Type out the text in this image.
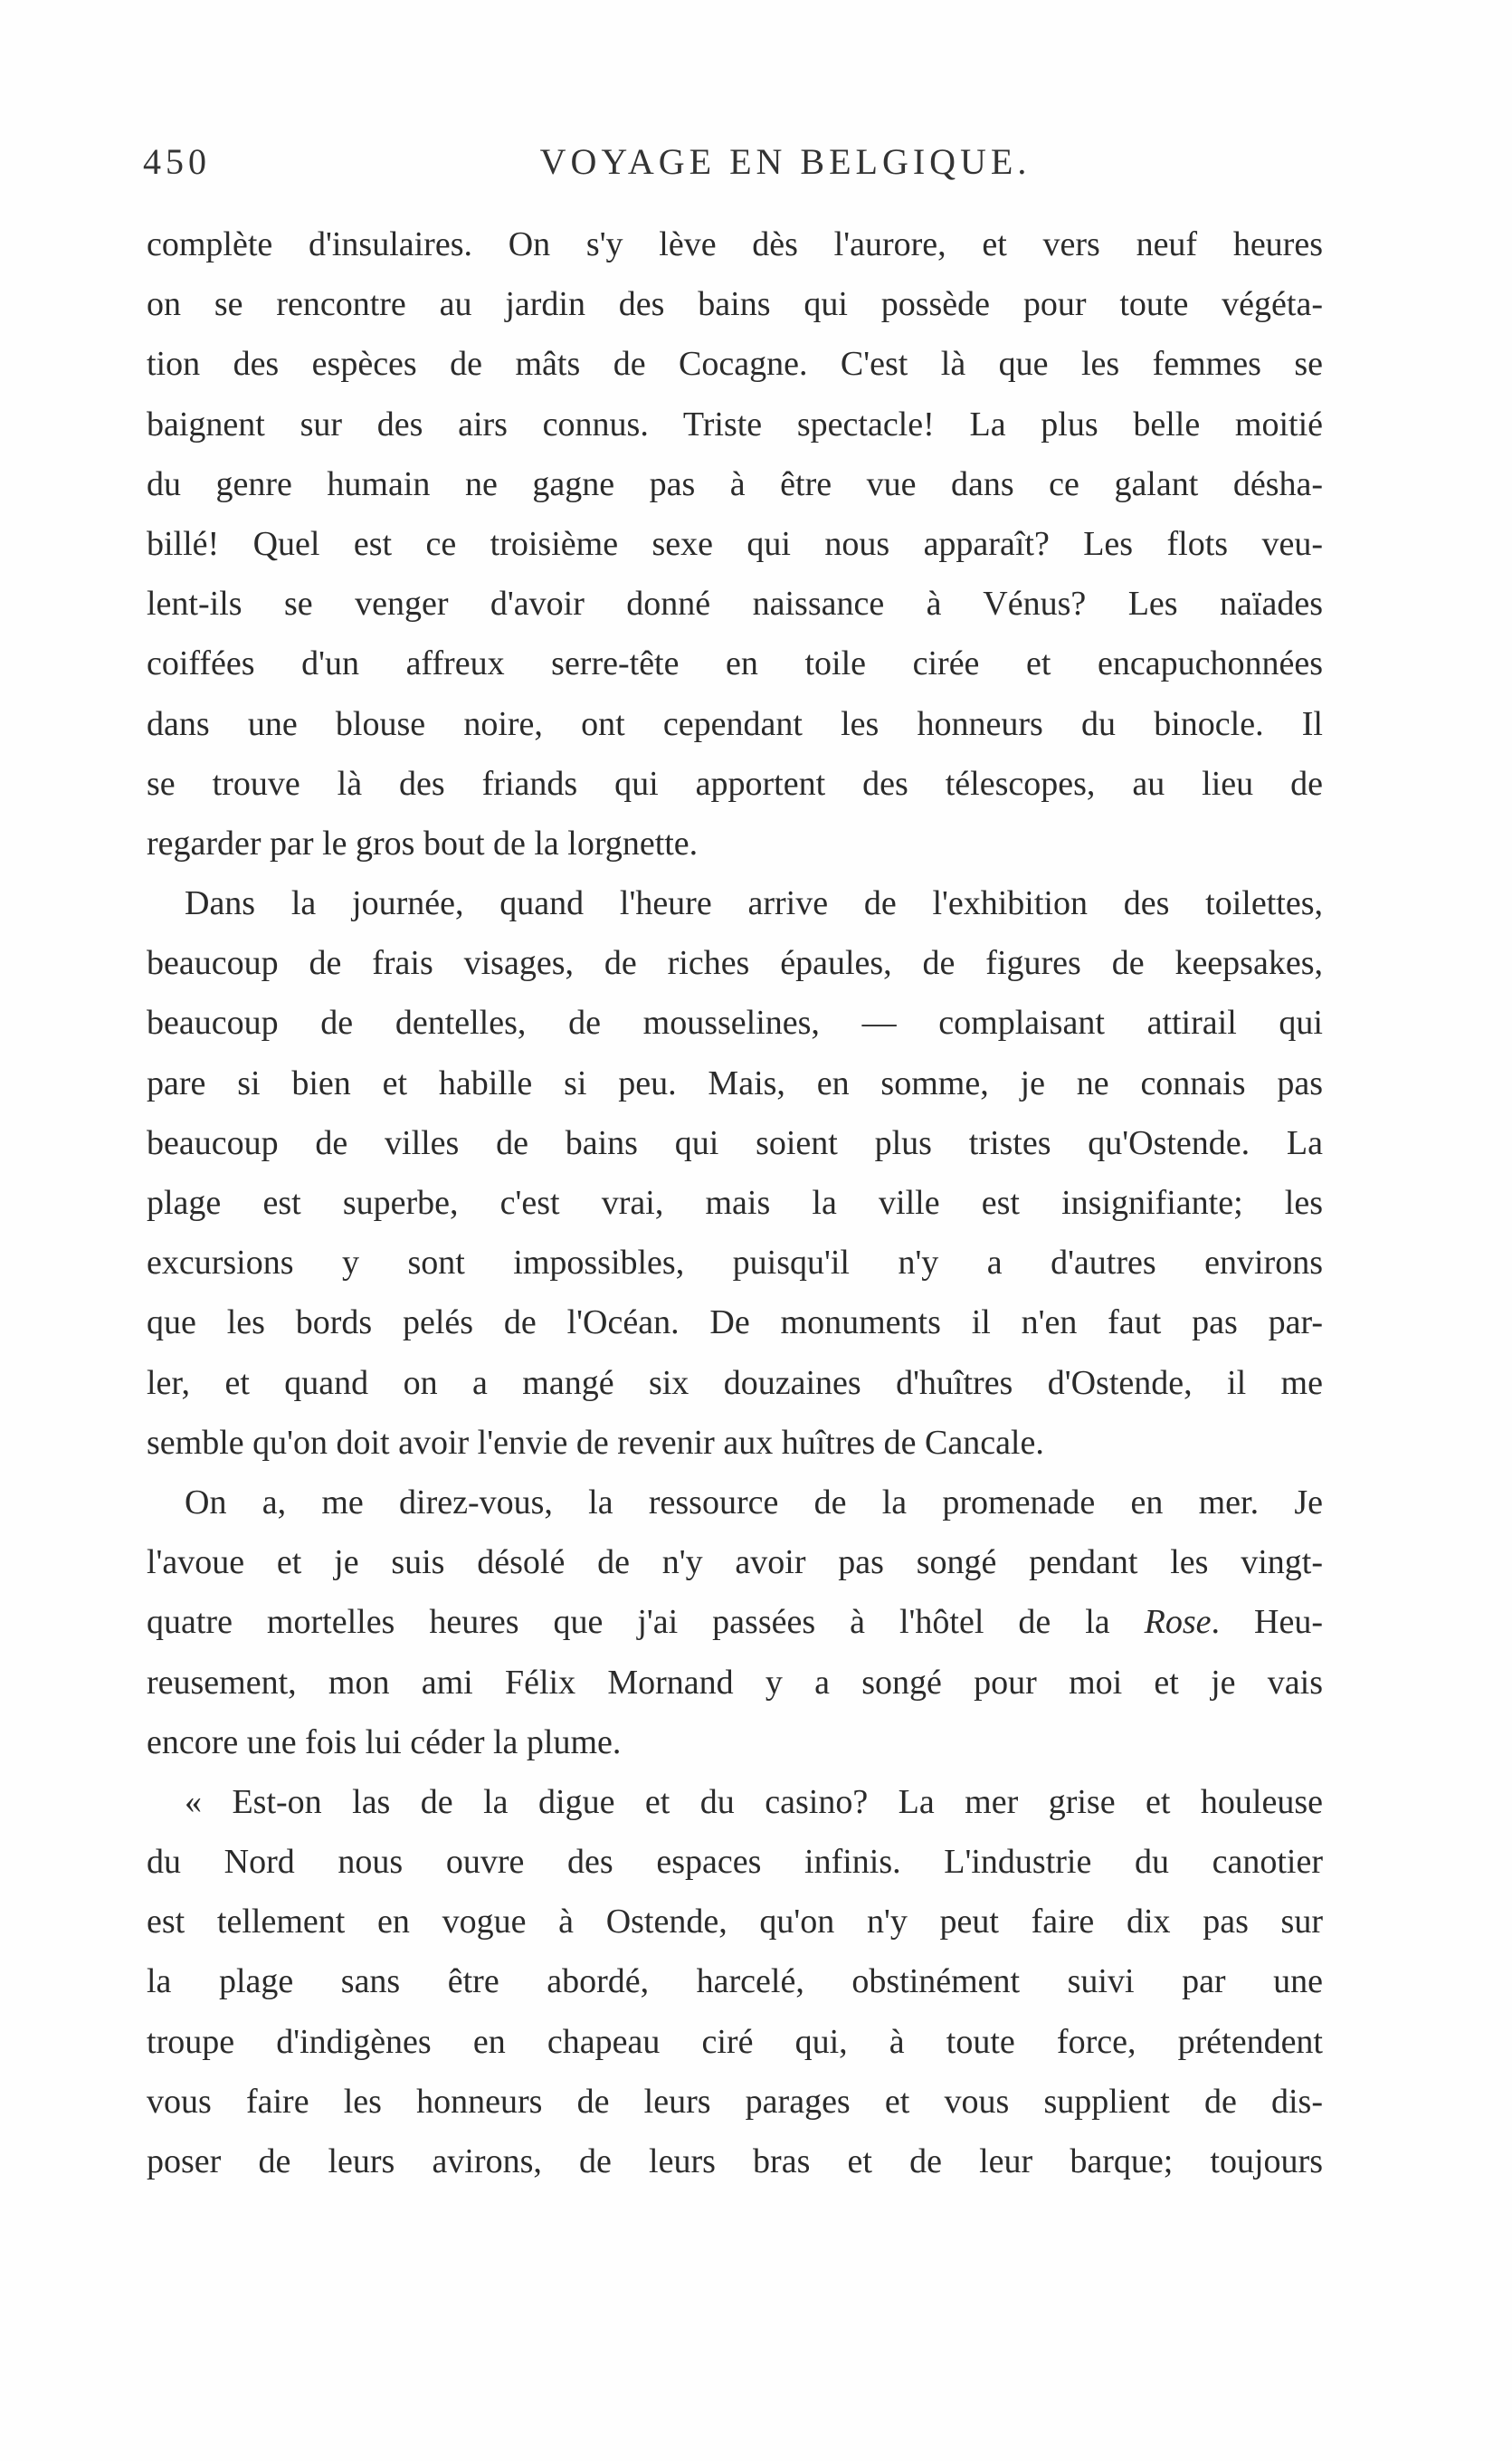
450	VOYAGE EN BELGIQUE.
complète d'insulaires. On s'y lève dès l'aurore, et vers neuf heures
on se rencontre au jardin des bains qui possède pour toute végéta-
tion des espèces de mâts de Cocagne. C'est là que les femmes se
baignent sur des airs connus. Triste spectacle! La plus belle moitié
du genre humain ne gagne pas à être vue dans ce galant désha-
billé! Quel est ce troisième sexe qui nous apparaît? Les flots veu-
lent-ils se venger d'avoir donné naissance à Vénus? Les naïades
coiffées d'un affreux serre-tête en toile cirée et encapuchonnées
dans une blouse noire, ont cependant les honneurs du binocle. Il
se trouve là des friands qui apportent des télescopes, au lieu de
regarder par le gros bout de la lorgnette.
Dans la journée, quand l'heure arrive de l'exhibition des toilettes,
beaucoup de frais visages, de riches épaules, de figures de keepsakes,
beaucoup de dentelles, de mousselines, — complaisant attirail qui
pare si bien et habille si peu. Mais, en somme, je ne connais pas
beaucoup de villes de bains qui soient plus tristes qu'Ostende. La
plage est superbe, c'est vrai, mais la ville est insignifiante; les
excursions y sont impossibles, puisqu'il n'y a d'autres environs
que les bords pelés de l'Océan. De monuments il n'en faut pas par-
ler, et quand on a mangé six douzaines d'huîtres d'Ostende, il me
semble qu'on doit avoir l'envie de revenir aux huîtres de Cancale.
On a, me direz-vous, la ressource de la promenade en mer. Je
l'avoue et je suis désolé de n'y avoir pas songé pendant les vingt-
quatre mortelles heures que j'ai passées à l'hôtel de la Rose. Heu-
reusement, mon ami Félix Mornand y a songé pour moi et je vais
encore une fois lui céder la plume.
« Est-on las de la digue et du casino? La mer grise et houleuse
du Nord nous ouvre des espaces infinis. L'industrie du canotier
est tellement en vogue à Ostende, qu'on n'y peut faire dix pas sur
la plage sans être abordé, harcelé, obstinément suivi par une
troupe d'indigènes en chapeau ciré qui, à toute force, prétendent
vous faire les honneurs de leurs parages et vous supplient de dis-
poser de leurs avirons, de leurs bras et de leur barque; toujours
